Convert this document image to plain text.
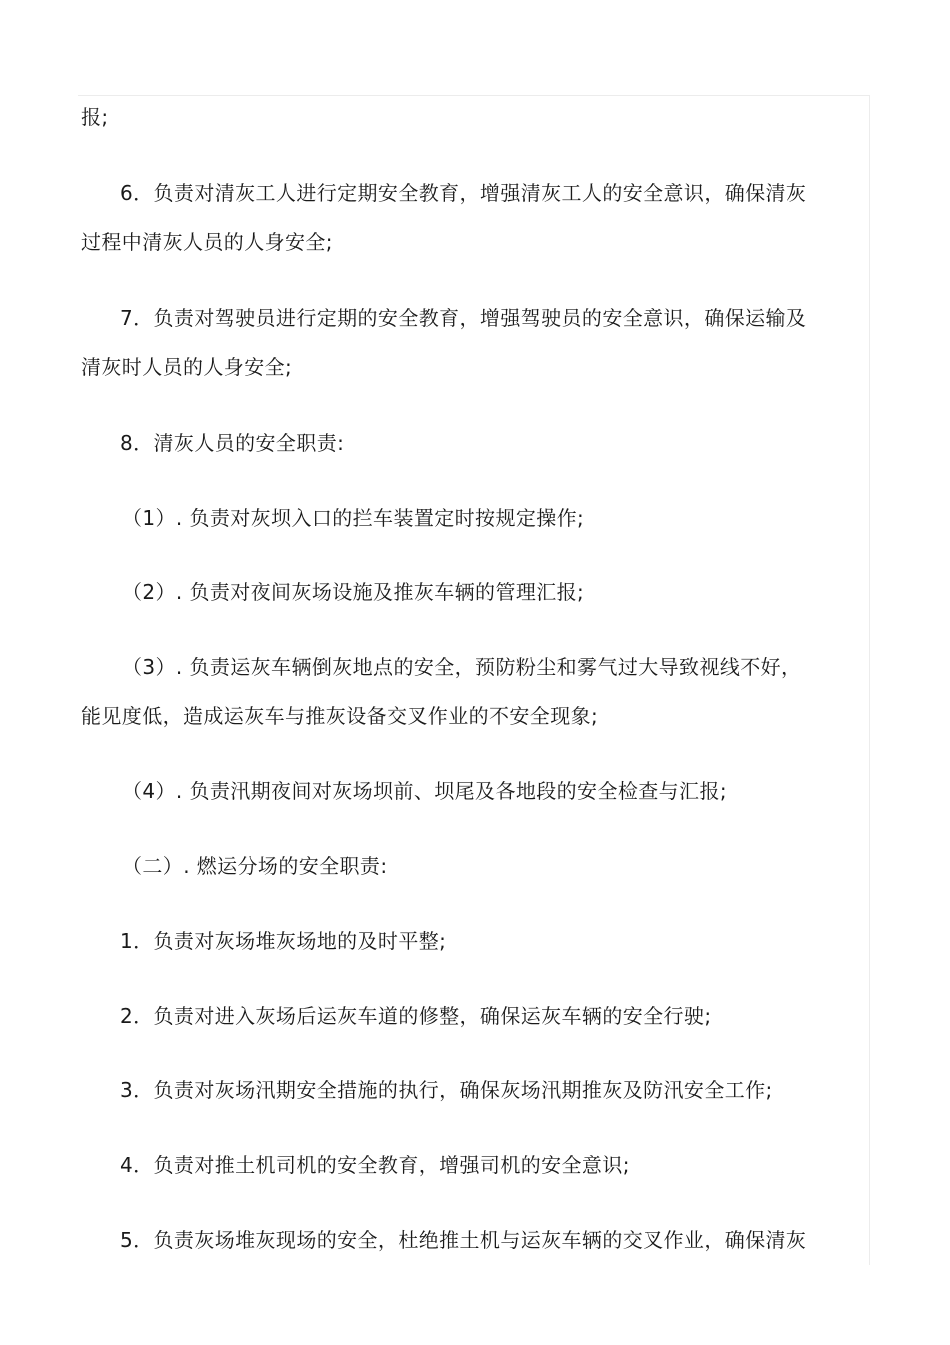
报;
6．负责对清灰工人进行定期安全教育，增强清灰工人的安全意识，确保清灰
过程中清灰人员的人身安全;
7．负责对驾驶员进行定期的安全教育，增强驾驶员的安全意识，确保运输及
清灰时人员的人身安全;
8．清灰人员的安全职责:
（1）. 负责对灰坝入口的拦车装置定时按规定操作;
（2）. 负责对夜间灰场设施及推灰车辆的管理汇报;
（3）. 负责运灰车辆倒灰地点的安全，预防粉尘和雾气过大导致视线不好，
能见度低，造成运灰车与推灰设备交叉作业的不安全现象;
（4）. 负责汛期夜间对灰场坝前、坝尾及各地段的安全检查与汇报;
（二）. 燃运分场的安全职责:
1．负责对灰场堆灰场地的及时平整;
2．负责对进入灰场后运灰车道的修整，确保运灰车辆的安全行驶;
3．负责对灰场汛期安全措施的执行，确保灰场汛期推灰及防汛安全工作;
4．负责对推土机司机的安全教育，增强司机的安全意识;
5．负责灰场堆灰现场的安全，杜绝推土机与运灰车辆的交叉作业，确保清灰
